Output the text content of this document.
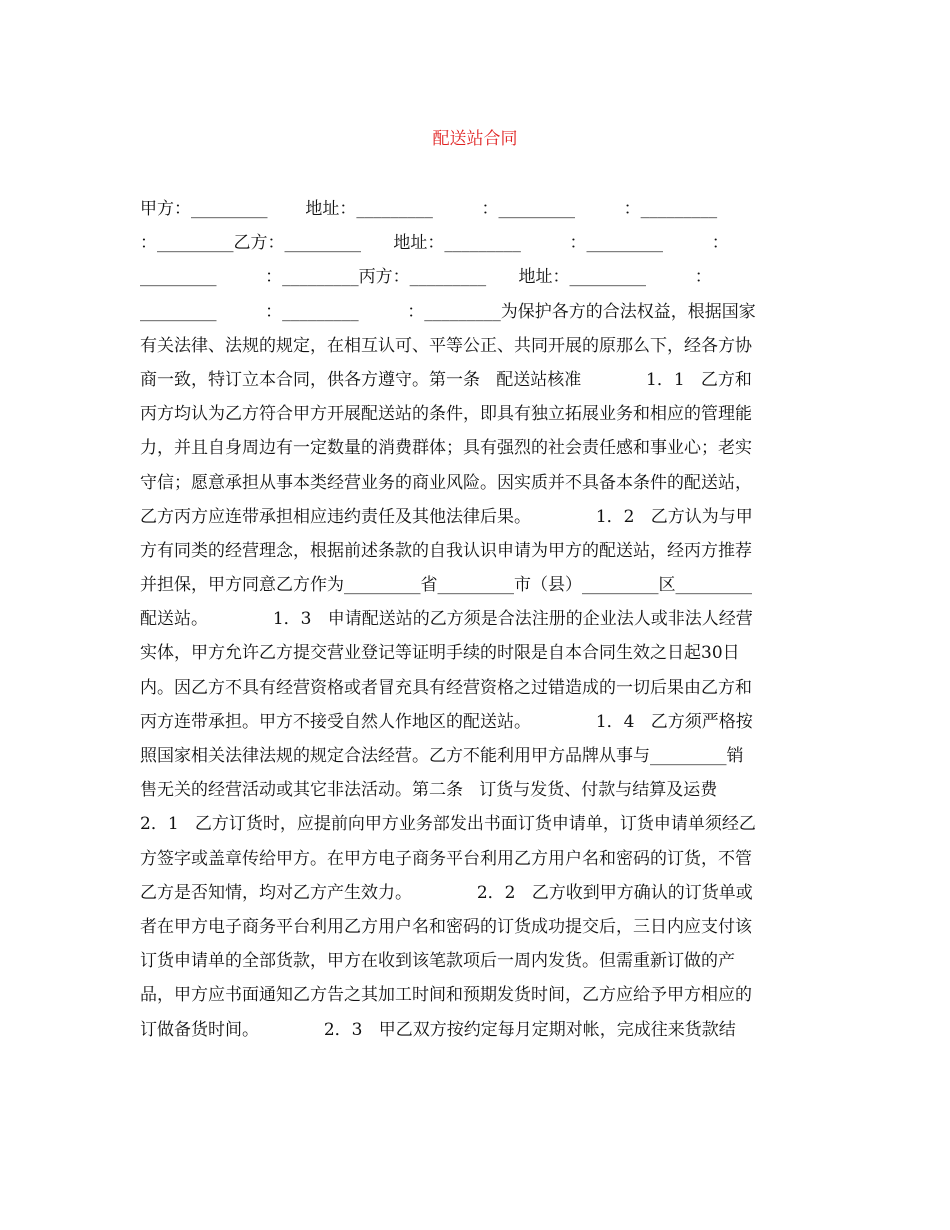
配送站合同
甲方：_________       地址：_________         ：_________         ：_________
：_________乙方：_________      地址：_________         ：_________         ：
_________         ：_________丙方：_________      地址：_________         ：
_________         ：_________         ：_________为保护各方的合法权益，根据国家
有关法律、法规的规定，在相互认可、平等公正、共同开展的原那么下，经各方协
商一致，特订立本合同，供各方遵守。第一条   配送站核准            1．1   乙方和
丙方均认为乙方符合甲方开展配送站的条件，即具有独立拓展业务和相应的管理能
力，并且自身周边有一定数量的消费群体；具有强烈的社会责任感和事业心；老实
守信；愿意承担从事本类经营业务的商业风险。因实质并不具备本条件的配送站，
乙方丙方应连带承担相应违约责任及其他法律后果。            1．2   乙方认为与甲
方有同类的经营理念，根据前述条款的自我认识申请为甲方的配送站，经丙方推荐
并担保，甲方同意乙方作为_________省_________市（县）_________区_________
配送站。            1．3   申请配送站的乙方须是合法注册的企业法人或非法人经营
实体，甲方允许乙方提交营业登记等证明手续的时限是自本合同生效之日起30日
内。因乙方不具有经营资格或者冒充具有经营资格之过错造成的一切后果由乙方和
丙方连带承担。甲方不接受自然人作地区的配送站。            1．4   乙方须严格按
照国家相关法律法规的规定合法经营。乙方不能利用甲方品牌从事与_________销
售无关的经营活动或其它非法活动。第二条   订货与发货、付款与结算及运费
2．1   乙方订货时，应提前向甲方业务部发出书面订货申请单，订货申请单须经乙
方签字或盖章传给甲方。在甲方电子商务平台利用乙方用户名和密码的订货，不管
乙方是否知情，均对乙方产生效力。            2．2   乙方收到甲方确认的订货单或
者在甲方电子商务平台利用乙方用户名和密码的订货成功提交后，三日内应支付该
订货申请单的全部货款，甲方在收到该笔款项后一周内发货。但需重新订做的产
品，甲方应书面通知乙方告之其加工时间和预期发货时间，乙方应给予甲方相应的
订做备货时间。            2．3   甲乙双方按约定每月定期对帐，完成往来货款结
